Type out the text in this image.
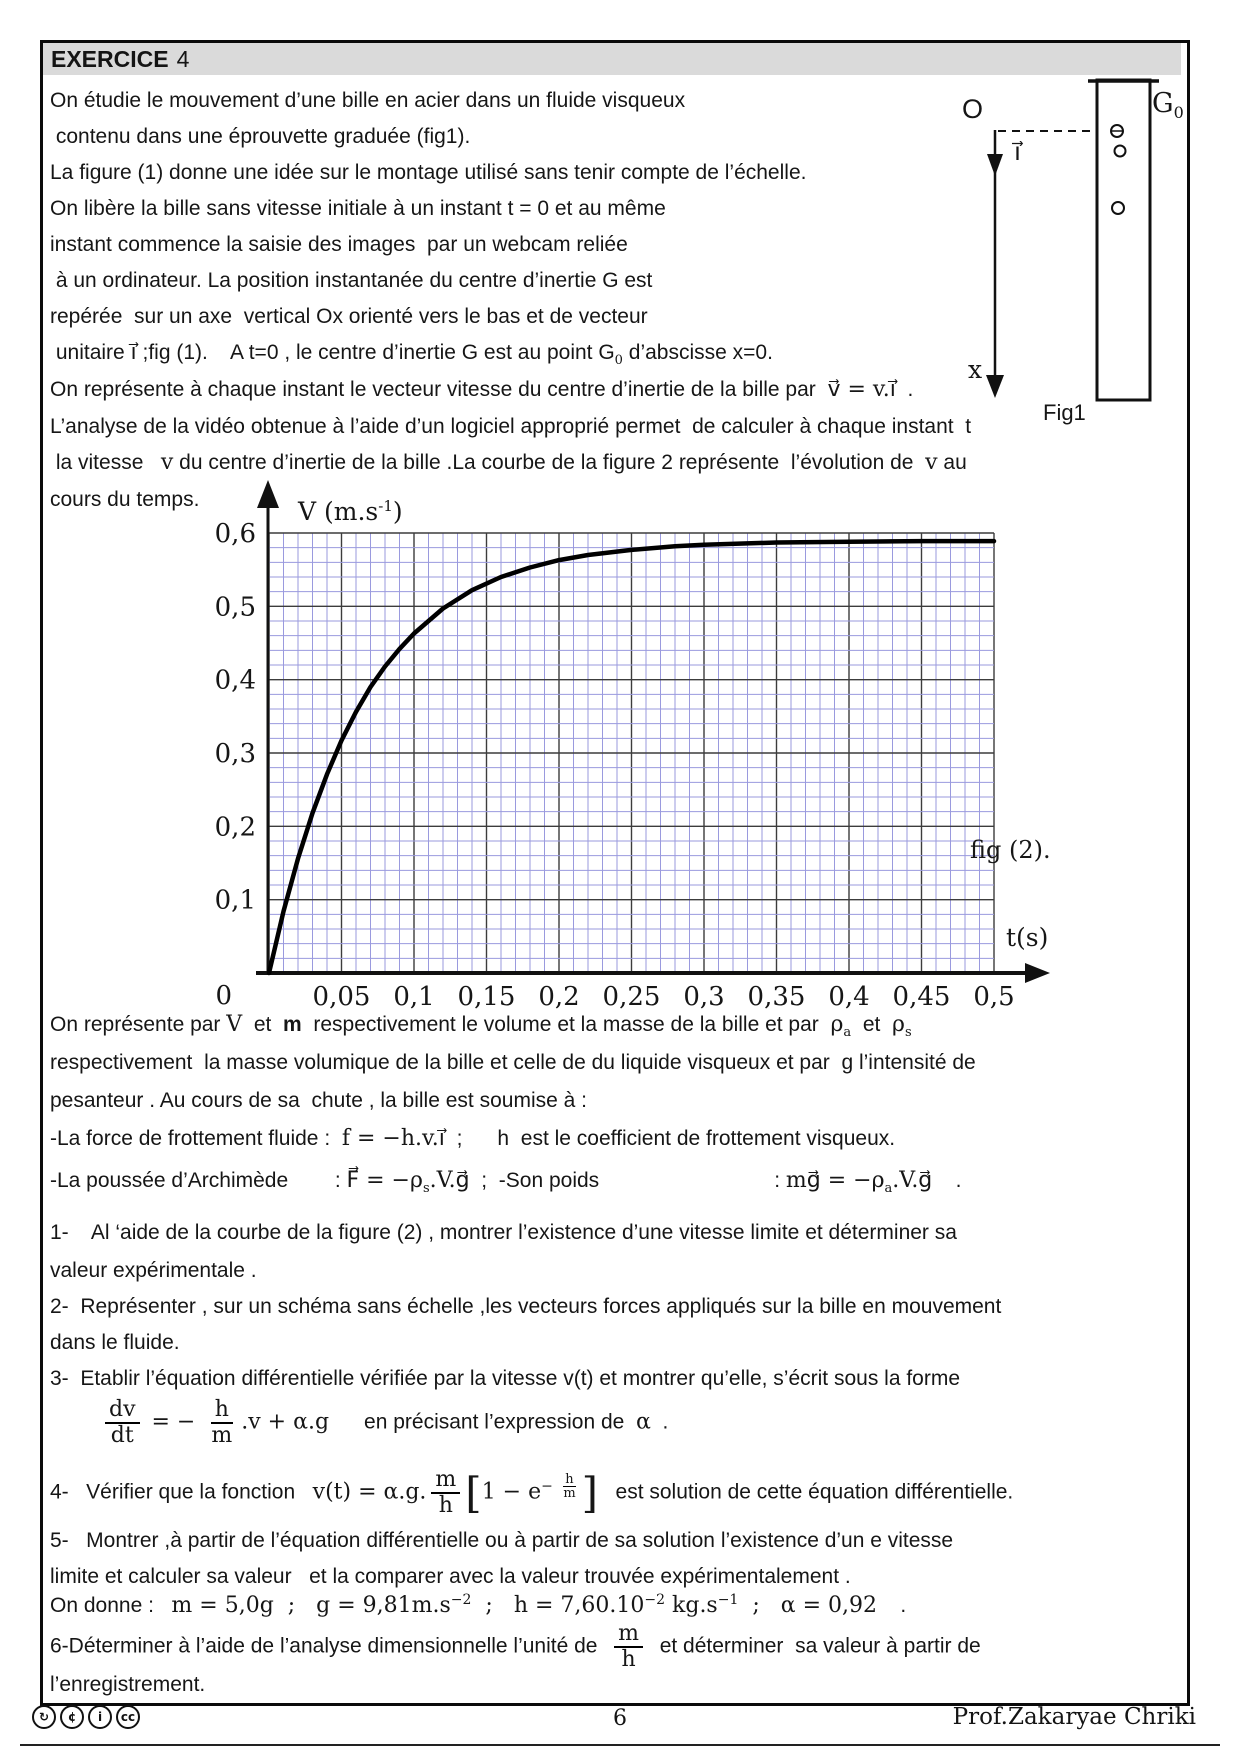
EXERCICE 4
On étudie le mouvement d’une bille en acier dans un fluide visqueux
contenu dans une éprouvette graduée (fig1).
La figure (1) donne une idée sur le montage utilisé sans tenir compte de l’échelle.
On libère la bille sans vitesse initiale à un instant t = 0 et au même
instant commence la saisie des images  par un webcam reliée
à un ordinateur. La position instantanée du centre d’inertie G est
repérée  sur un axe  vertical Ox orienté vers le bas et de vecteur
unitaire i⃗ ;fig (1).    A t=0 , le centre d’inertie G est au point $G_0$ d’abscisse x=0.
On représente à chaque instant le vecteur vitesse du centre d’inertie de la bille par  v⃗ = v.i⃗  .
L’analyse de la vidéo obtenue à l’aide d’un logiciel approprié permet  de calculer à chaque instant  t
la vitesse   v du centre d’inertie de la bille .La courbe de la figure 2 représente  l’évolution de  v au
cours du temps.
On représente par V  et  m  respectivement le volume et la masse de la bille et par  $\rho_a$  et  $\rho_s$
respectivement  la masse volumique de la bille et celle de du liquide visqueux et par  g l’intensité de
pesanteur . Au cours de sa  chute , la bille est soumise à :
-La force de frottement fluide :  f = −h.v.i⃗  ;      h  est le coefficient de frottement visqueux.
-La poussée d’Archimède        : F⃗ = $-\rho_s.V.g⃗$  ;  -Son poids                              : mg⃗ = $-\rho_a.V.g⃗$    .
1-    Al ‘aide de la courbe de la figure (2) , montrer l’existence d’une vitesse limite et déterminer sa
valeur expérimentale .
2-  Représenter , sur un schéma sans échelle ,les vecteurs forces appliqués sur la bille en mouvement
dans le fluide.
3-  Etablir l’équation différentielle vérifiée par la vitesse v(t) et montrer qu’elle, s’écrit sous la forme
$\frac{dv}{dt}$ = − $\frac{h}{m} .v + \alpha.g$      en précisant l’expression de  α  .
4-   Vérifier que la fonction   v(t) = α.g. $\frac{m}{h} [1 - e^- \frac{h}{m}$ ]   est solution de cette équation différentielle.
5-   Montrer ,à partir de l’équation différentielle ou à partir de sa solution l’existence d’un e vitesse
limite et calculer sa valeur   et la comparer avec la valeur trouvée expérimentalement .
On donne :   m = 5,0g  ;   $g = 9,81m.s^{-2}$  ;   $h = 7,60.10^{-2}$ $kg.s^{-1}$  ;   α = 0,92    .
6-Déterminer à l’aide de l’analyse dimensionnelle l’unité de $\frac{m}{h}$ et déterminer  sa valeur à partir de
l’enregistrement.
O
i⃗
x
$G_0$
Fig1
V $(m.s^{-1})$
t(s)
fig (2).
0
0,6
0,5
0,4
0,3
0,2
0,1
0,05 0,1 0,15 0,2 0,25 0,3 0,35 0,4 0,45 0,5
↻	¢	i	cc	6	Prof.Zakaryae Chriki
